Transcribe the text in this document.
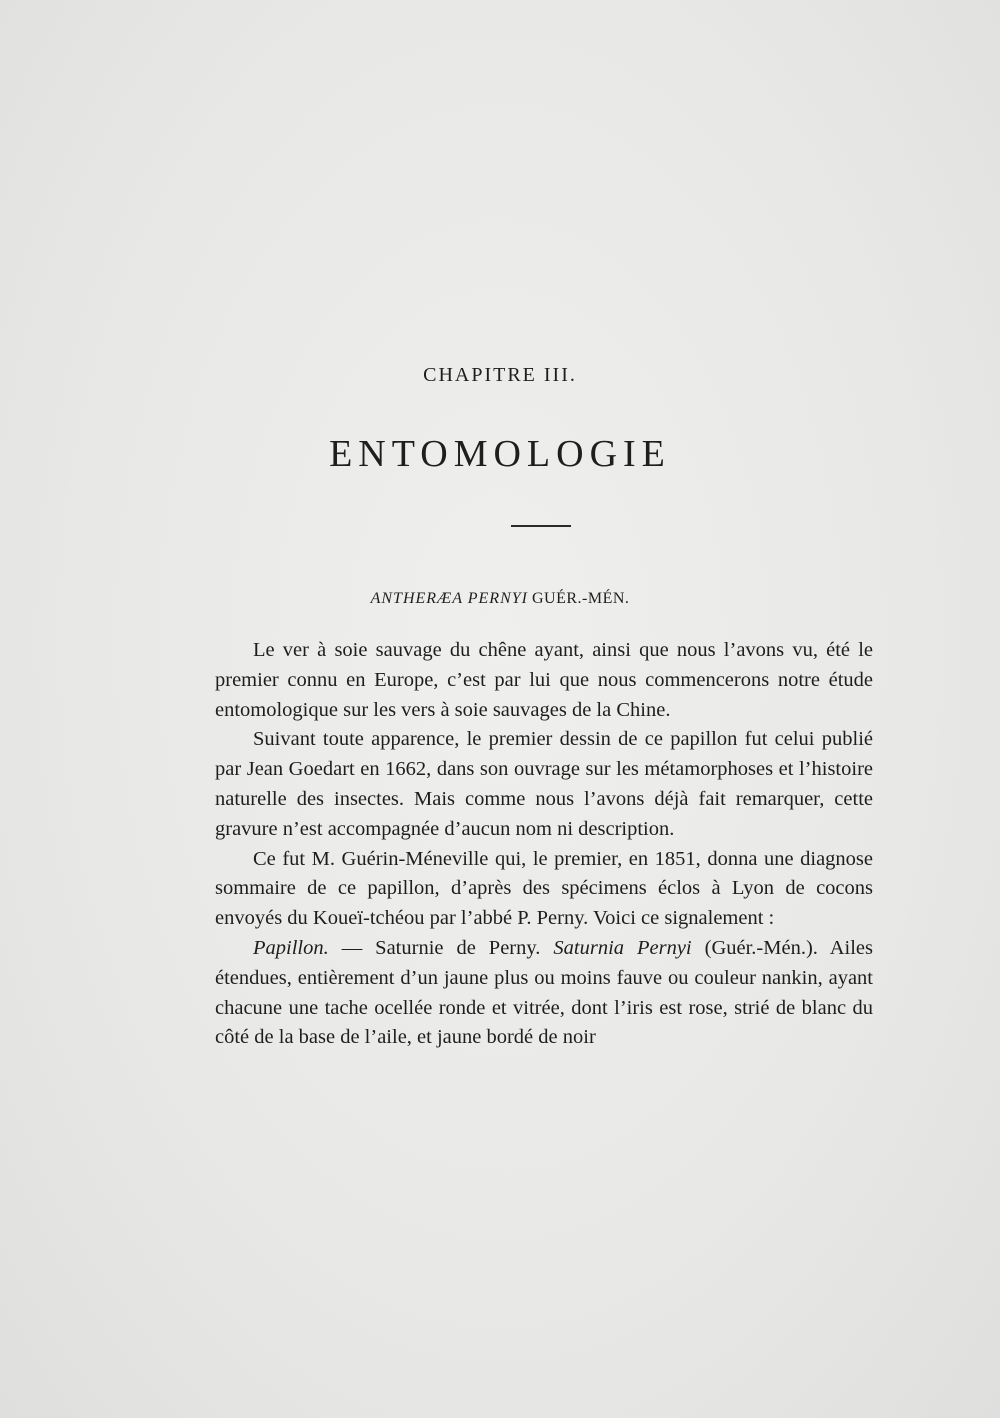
CHAPITRE III.
ENTOMOLOGIE
ANTHERÆA PERNYI GUÉR.-MÉN.

Le ver à soie sauvage du chêne ayant, ainsi que nous l’avons vu, été le premier connu en Europe, c’est par lui que nous commencerons notre étude entomologique sur les vers à soie sauvages de la Chine.

Suivant toute apparence, le premier dessin de ce papillon fut celui publié par Jean Goedart en 1662, dans son ouvrage sur les métamorphoses et l’histoire naturelle des insectes. Mais comme nous l’avons déjà fait remarquer, cette gravure n’est accompagnée d’aucun nom ni description.

Ce fut M. Guérin-Méneville qui, le premier, en 1851, donna une diagnose sommaire de ce papillon, d’après des spécimens éclos à Lyon de cocons envoyés du Koueï-tchéou par l’abbé P. Perny. Voici ce signalement :

Papillon. — Saturnie de Perny. Saturnia Pernyi (Guér.-Mén.). Ailes étendues, entièrement d’un jaune plus ou moins fauve ou couleur nankin, ayant chacune une tache ocellée ronde et vitrée, dont l’iris est rose, strié de blanc du côté de la base de l’aile, et jaune bordé de noir
